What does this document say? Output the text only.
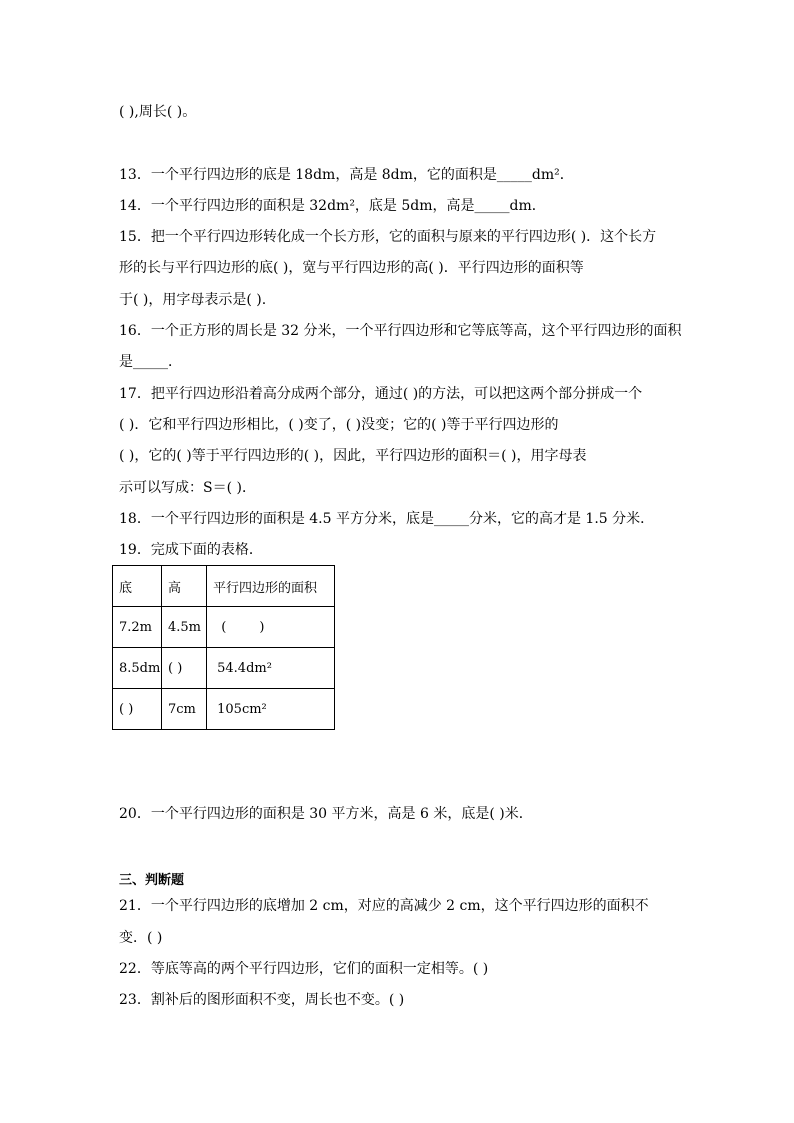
( ),周长( )。
13．一个平行四边形的底是 18dm，高是 8dm，它的面积是_____dm²．
14．一个平行四边形的面积是 32dm²，底是 5dm，高是_____dm．
15．把一个平行四边形转化成一个长方形，它的面积与原来的平行四边形( )．这个长方
形的长与平行四边形的底( )，宽与平行四边形的高( )．平行四边形的面积等
于( )，用字母表示是( ).
16．一个正方形的周长是 32 分米，一个平行四边形和它等底等高，这个平行四边形的面积
是_____．
17．把平行四边形沿着高分成两个部分，通过( )的方法，可以把这两个部分拼成一个
( )．它和平行四边形相比，( )变了，( )没变；它的( )等于平行四边形的
( )，它的( )等于平行四边形的( )，因此，平行四边形的面积＝( )，用字母表
示可以写成：S＝( )．
18．一个平行四边形的面积是 4.5 平方分米，底是_____分米，它的高才是 1.5 分米．
19．完成下面的表格．
底	高	平行四边形的面积
7.2m	4.5m	(        )
8.5dm	( )	54.4dm²
( )	7cm	105cm²
20．一个平行四边形的面积是 30 平方米，高是 6 米，底是( )米．
三、判断题
21．一个平行四边形的底增加 2 cm，对应的高减少 2 cm，这个平行四边形的面积不
变．( )
22．等底等高的两个平行四边形，它们的面积一定相等。( )
23．割补后的图形面积不变，周长也不变。( )
